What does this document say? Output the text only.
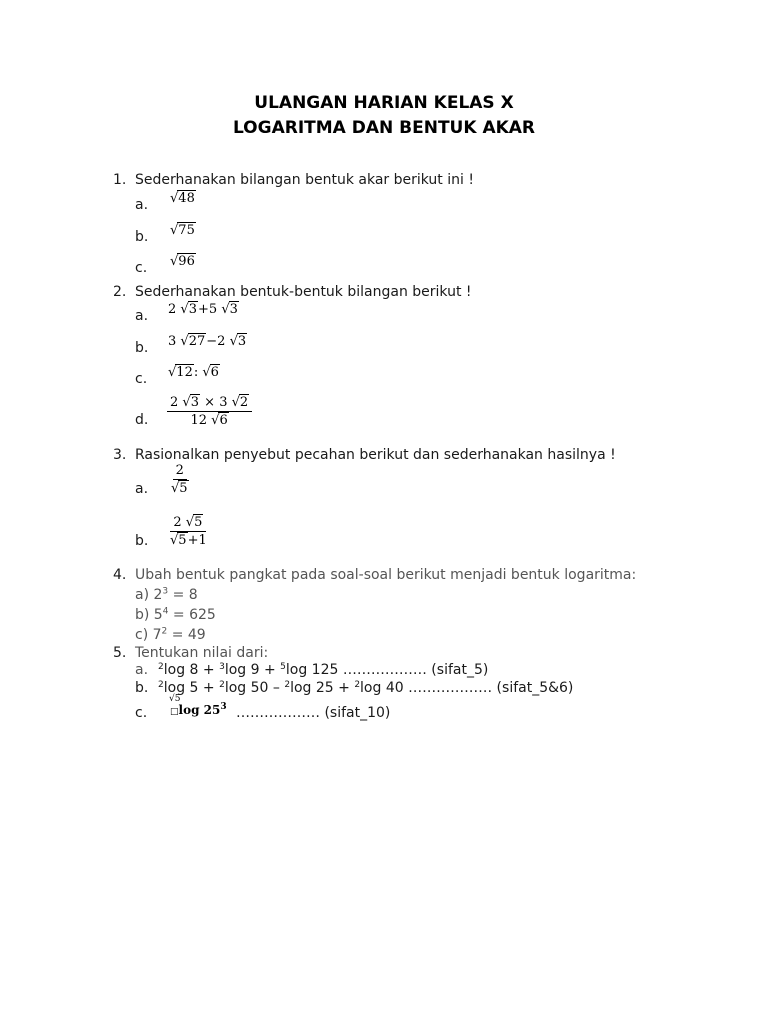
ULANGAN HARIAN KELAS X
LOGARITMA DAN BENTUK AKAR
1. Sederhanakan bilangan bentuk akar berikut ini !
a. √48
b. √75
c. √96
2. Sederhanakan bentuk-bentuk bilangan berikut !
a. 2 √3+5 √3
b. 3 √27−2 √3
c. √12: √6
d. $\frac{2 √3 \times 3 √2}{12 √6}$
3. Rasionalkan penyebut pecahan berikut dan sederhanakan hasilnya !
a. $\frac{2}{√5}$
b. $\frac{2 √5}{√5+1}$
4. Ubah bentuk pangkat pada soal-soal berikut menjadi bentuk logaritma:
a) $2^3 = 8$
b) $5^4 = 625$
c) $7^2 = 49$
5. Tentukan nilai dari:
a. $^2$log 8 + $^3$log 9 + $^5$log 125 ……………… (sifat_5)
b. $^2$log 5 + $^2$log 50 – $^2$log 25 + $^2$log 40 ……………… (sifat_5&6)
c.
√5
□log $25^3$ ……………… (sifat_10)
